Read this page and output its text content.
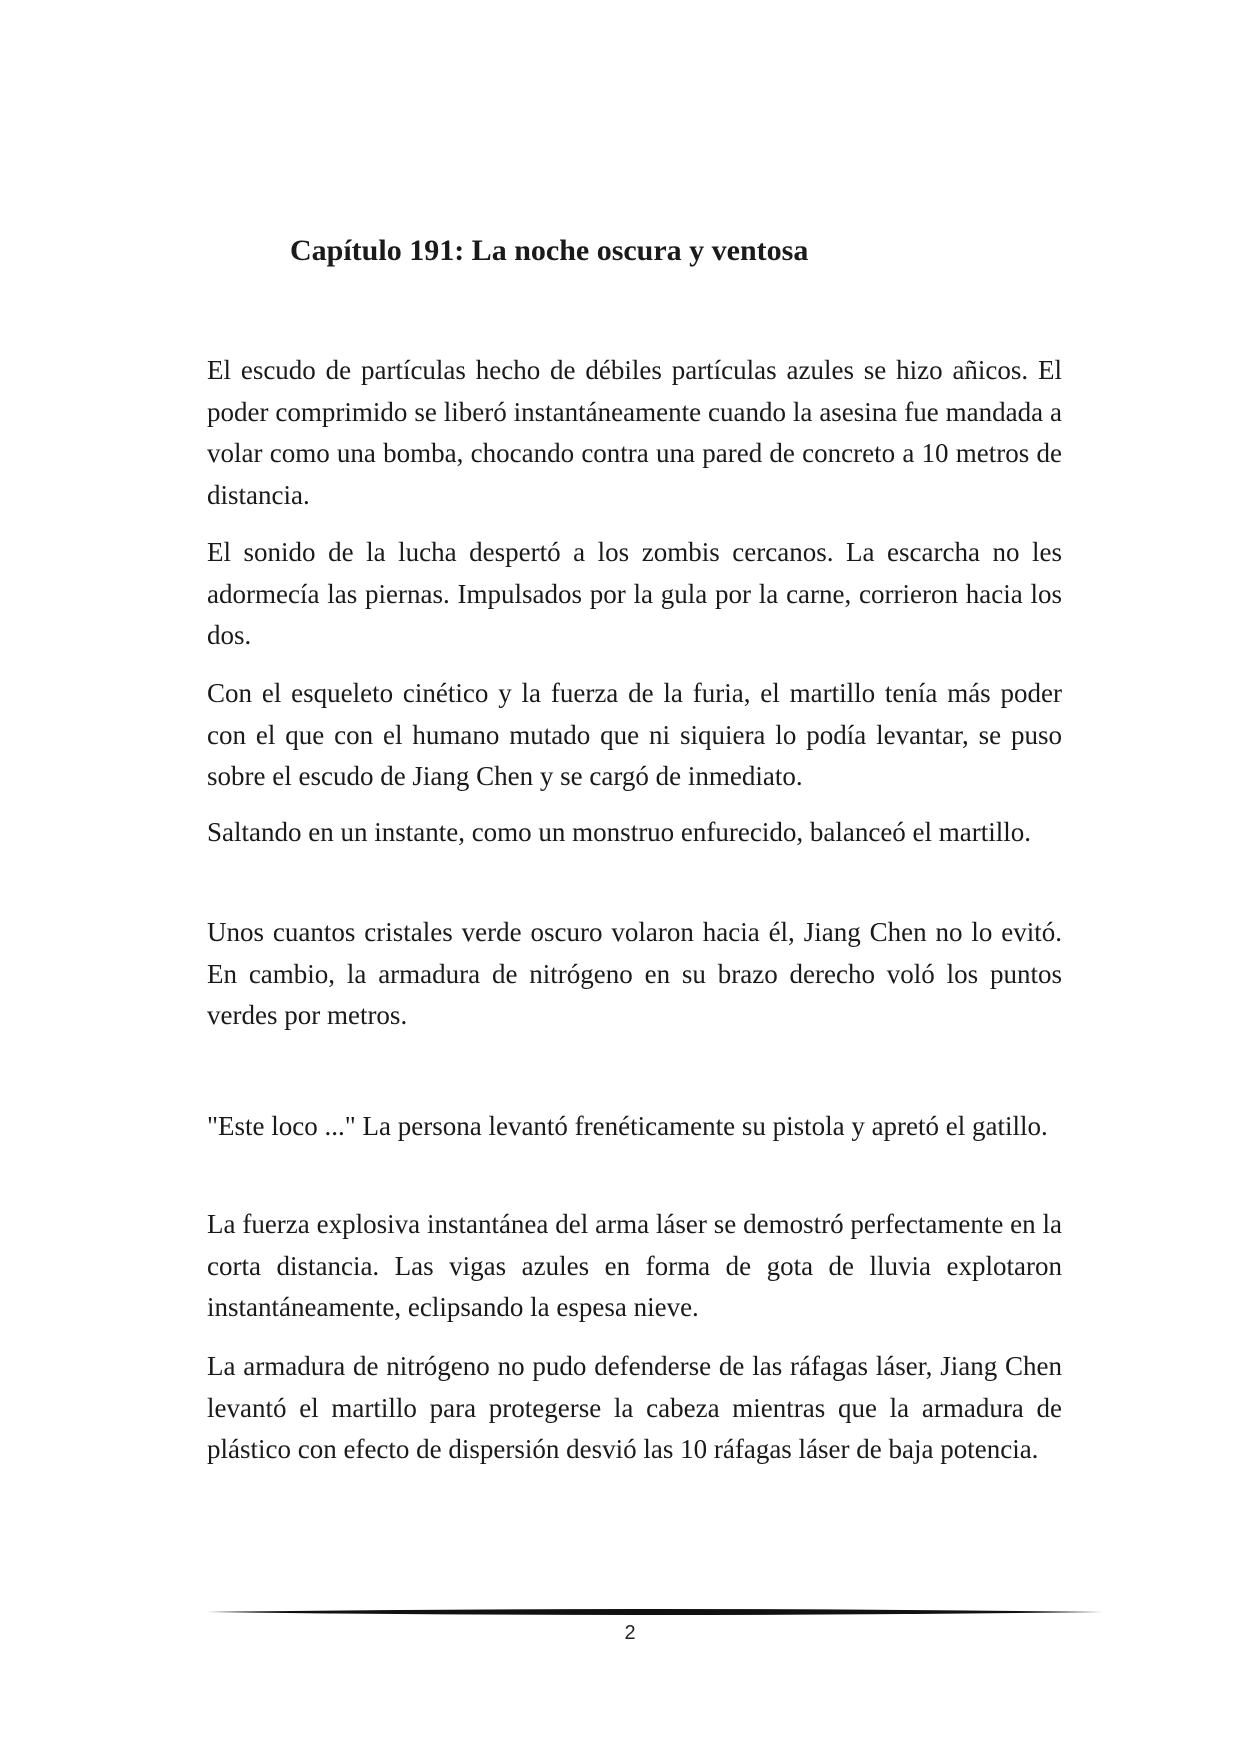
Capítulo 191: La noche oscura y ventosa

El escudo de partículas hecho de débiles partículas azules se hizo añicos. El poder comprimido se liberó instantáneamente cuando la asesina fue mandada a volar como una bomba, chocando contra una pared de concreto a 10 metros de distancia.

El sonido de la lucha despertó a los zombis cercanos. La escarcha no les adormecía las piernas. Impulsados por la gula por la carne, corrieron hacia los dos.

Con el esqueleto cinético y la fuerza de la furia, el martillo tenía más poder con el que con el humano mutado que ni siquiera lo podía levantar, se puso sobre el escudo de Jiang Chen y se cargó de inmediato.

Saltando en un instante, como un monstruo enfurecido, balanceó el martillo.

Unos cuantos cristales verde oscuro volaron hacia él, Jiang Chen no lo evitó. En cambio, la armadura de nitrógeno en su brazo derecho voló los puntos verdes por metros.

"Este loco ..." La persona levantó frenéticamente su pistola y apretó el gatillo.

La fuerza explosiva instantánea del arma láser se demostró perfectamente en la corta distancia. Las vigas azules en forma de gota de lluvia explotaron instantáneamente, eclipsando la espesa nieve.

La armadura de nitrógeno no pudo defenderse de las ráfagas láser, Jiang Chen levantó el martillo para protegerse la cabeza mientras que la armadura de plástico con efecto de dispersión desvió las 10 ráfagas láser de baja potencia.

2
